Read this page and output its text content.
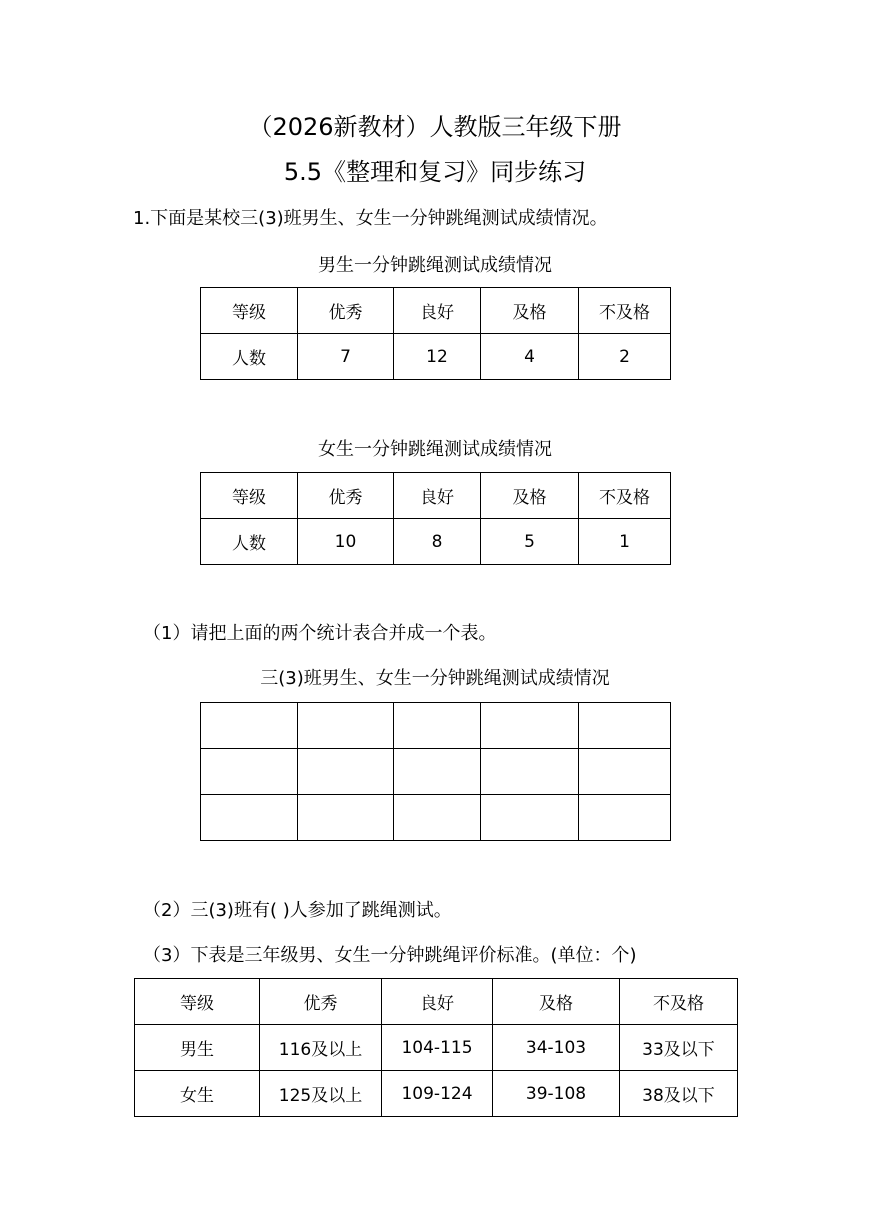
（2026新教材）人教版三年级下册
5.5《整理和复习》同步练习

1.下面是某校三(3)班男生、女生一分钟跳绳测试成绩情况。

男生一分钟跳绳测试成绩情况

等级	优秀	良好	及格	不及格
人数	7	12	4	2

女生一分钟跳绳测试成绩情况

等级	优秀	良好	及格	不及格
人数	10	8	5	1

（1）请把上面的两个统计表合并成一个表。

三(3)班男生、女生一分钟跳绳测试成绩情况

（2）三(3)班有( )人参加了跳绳测试。

（3）下表是三年级男、女生一分钟跳绳评价标准。(单位：个)

等级	优秀	良好	及格	不及格
男生	116及以上	104-115	34-103	33及以下
女生	125及以上	109-124	39-108	38及以下
